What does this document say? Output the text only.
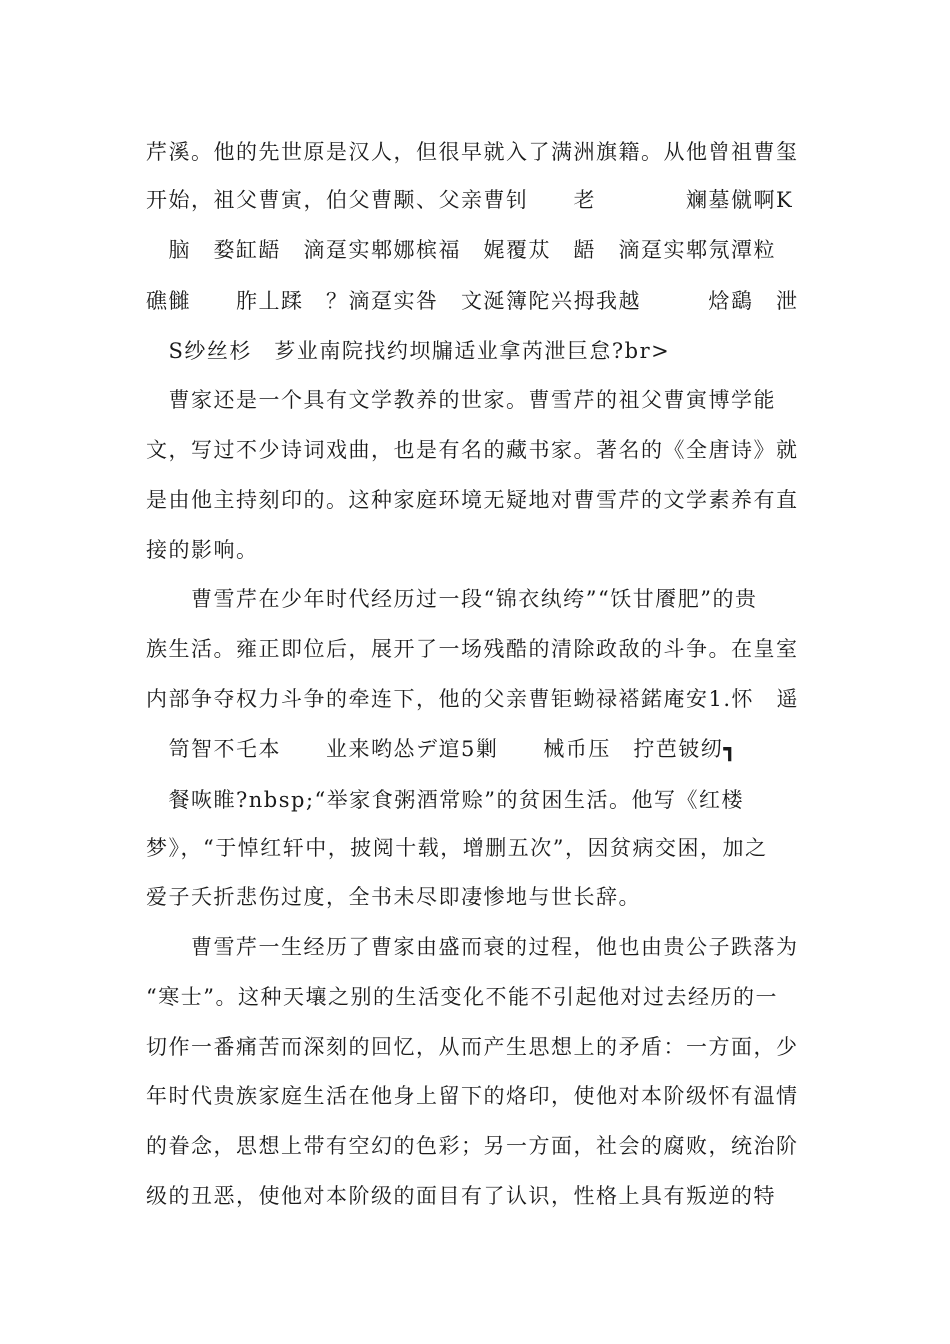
芹溪。他的先世原是汉人，但很早就入了满洲旗籍。从他曾祖曹玺
开始，祖父曹寅，伯父曹颙、父亲曹钊　　老　　　　斓墓僦啊K
　脑　婺缸龉　滴趸实郫娜槟福　娓覆苁　龉　滴趸实郫氖潭粒
礁雠　　胙丄蹂　？滴趸实咎　文涎簿陀兴拇我越　　　焓鷂　泄
　S纱丝杉　芗业南院找约坝牖适业拿芮泄巨怠?br>
　曹家还是一个具有文学教养的世家。曹雪芹的祖父曹寅博学能
文，写过不少诗词戏曲，也是有名的藏书家。著名的《全唐诗》就
是由他主持刻印的。这种家庭环境无疑地对曹雪芹的文学素养有直
接的影响。
　　曹雪芹在少年时代经历过一段“锦衣纨绔”“饫甘餍肥”的贵
族生活。雍正即位后，展开了一场残酷的清除政敌的斗争。在皇室
内部争夺权力斗争的牵连下，他的父亲曹钜蚴禄褡鍩庵安1.怀　遥
　笥智不乇本　　业来哟怂デ逭5剿　　械币压　拧芭铍纫┓
　餐咴睢?nbsp;“举家食粥酒常赊”的贫困生活。他写《红楼
梦》，“于悼红轩中，披阅十载，增删五次”，因贫病交困，加之
爱子夭折悲伤过度，全书未尽即凄惨地与世长辞。
　　曹雪芹一生经历了曹家由盛而衰的过程，他也由贵公子跌落为
“寒士”。这种天壤之别的生活变化不能不引起他对过去经历的一
切作一番痛苦而深刻的回忆，从而产生思想上的矛盾：一方面，少
年时代贵族家庭生活在他身上留下的烙印，使他对本阶级怀有温情
的眷念，思想上带有空幻的色彩；另一方面，社会的腐败，统治阶
级的丑恶，使他对本阶级的面目有了认识，性格上具有叛逆的特
